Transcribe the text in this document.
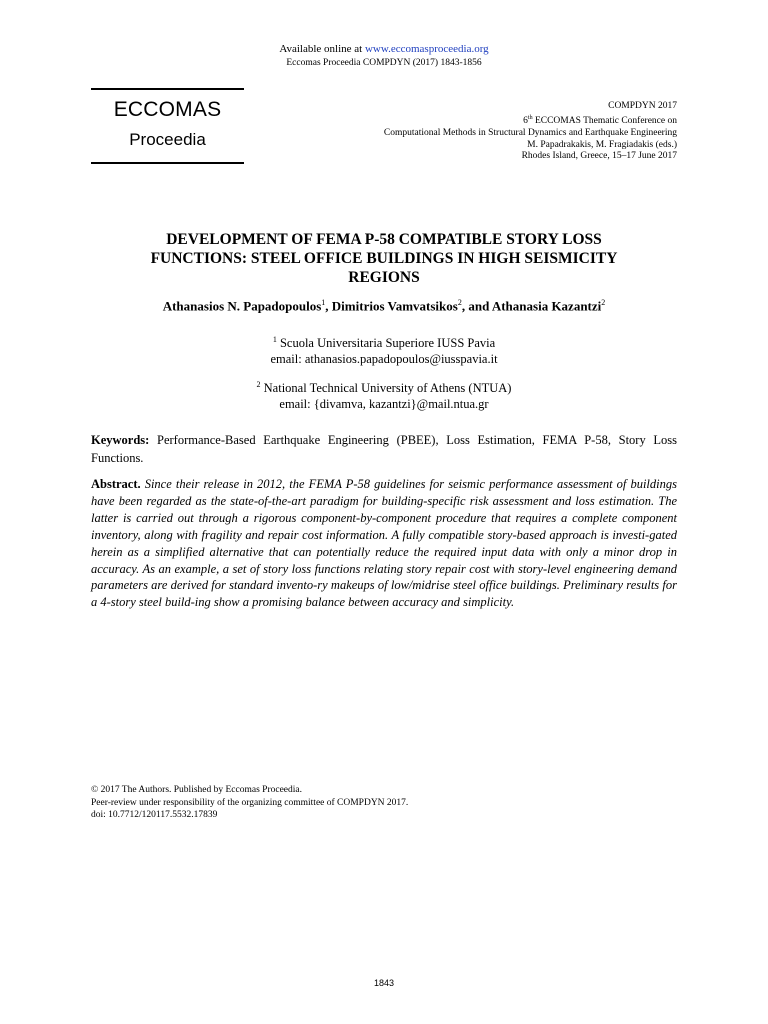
Available online at www.eccomasproceedia.org
Eccomas Proceedia COMPDYN (2017) 1843-1856
ECCOMAS
Proceedia
COMPDYN 2017
6th ECCOMAS Thematic Conference on
Computational Methods in Structural Dynamics and Earthquake Engineering
M. Papadrakakis, M. Fragiadakis (eds.)
Rhodes Island, Greece, 15–17 June 2017
DEVELOPMENT OF FEMA P-58 COMPATIBLE STORY LOSS
FUNCTIONS: STEEL OFFICE BUILDINGS IN HIGH SEISMICITY
REGIONS
Athanasios N. Papadopoulos$^1$, Dimitrios Vamvatsikos$^2$, and Athanasia Kazantzi$^2$
$^1$ Scuola Universitaria Superiore IUSS Pavia
email: athanasios.papadopoulos@iusspavia.it
$^2$ National Technical University of Athens (NTUA)
email: {divamva, kazantzi}@mail.ntua.gr
Keywords: Performance-Based Earthquake Engineering (PBEE), Loss Estimation, FEMA P-58, Story Loss Functions.
Abstract. Since their release in 2012, the FEMA P-58 guidelines for seismic performance assessment of buildings have been regarded as the state-of-the-art paradigm for building-specific risk assessment and loss estimation. The latter is carried out through a rigorous component-by-component procedure that requires a complete component inventory, along with fragility and repair cost information. A fully compatible story-based approach is investi-gated herein as a simplified alternative that can potentially reduce the required input data with only a minor drop in accuracy. As an example, a set of story loss functions relating story repair cost with story-level engineering demand parameters are derived for standard invento-ry makeups of low/midrise steel office buildings. Preliminary results for a 4-story steel build-ing show a promising balance between accuracy and simplicity.
© 2017 The Authors. Published by Eccomas Proceedia.
Peer-review under responsibility of the organizing committee of COMPDYN 2017.
doi: 10.7712/120117.5532.17839
1843
